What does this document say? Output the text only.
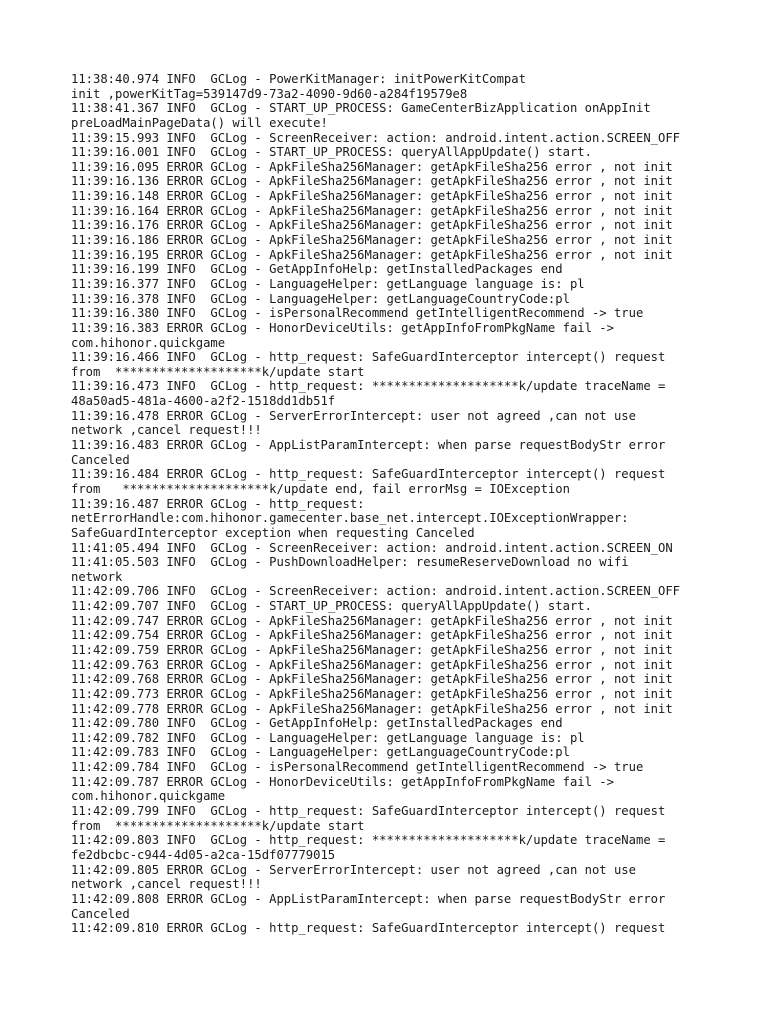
11:38:40.974 INFO  GCLog - PowerKitManager: initPowerKitCompat
init ,powerKitTag=539147d9-73a2-4090-9d60-a284f19579e8
11:38:41.367 INFO  GCLog - START_UP_PROCESS: GameCenterBizApplication onAppInit
preLoadMainPageData() will execute!
11:39:15.993 INFO  GCLog - ScreenReceiver: action: android.intent.action.SCREEN_OFF
11:39:16.001 INFO  GCLog - START_UP_PROCESS: queryAllAppUpdate() start.
11:39:16.095 ERROR GCLog - ApkFileSha256Manager: getApkFileSha256 error , not init
11:39:16.136 ERROR GCLog - ApkFileSha256Manager: getApkFileSha256 error , not init
11:39:16.148 ERROR GCLog - ApkFileSha256Manager: getApkFileSha256 error , not init
11:39:16.164 ERROR GCLog - ApkFileSha256Manager: getApkFileSha256 error , not init
11:39:16.176 ERROR GCLog - ApkFileSha256Manager: getApkFileSha256 error , not init
11:39:16.186 ERROR GCLog - ApkFileSha256Manager: getApkFileSha256 error , not init
11:39:16.195 ERROR GCLog - ApkFileSha256Manager: getApkFileSha256 error , not init
11:39:16.199 INFO  GCLog - GetAppInfoHelp: getInstalledPackages end
11:39:16.377 INFO  GCLog - LanguageHelper: getLanguage language is: pl
11:39:16.378 INFO  GCLog - LanguageHelper: getLanguageCountryCode:pl
11:39:16.380 INFO  GCLog - isPersonalRecommend getIntelligentRecommend -> true
11:39:16.383 ERROR GCLog - HonorDeviceUtils: getAppInfoFromPkgName fail ->
com.hihonor.quickgame
11:39:16.466 INFO  GCLog - http_request: SafeGuardInterceptor intercept() request
from  ********************k/update start
11:39:16.473 INFO  GCLog - http_request: ********************k/update traceName =
48a50ad5-481a-4600-a2f2-1518dd1db51f
11:39:16.478 ERROR GCLog - ServerErrorIntercept: user not agreed ,can not use
network ,cancel request!!!
11:39:16.483 ERROR GCLog - AppListParamIntercept: when parse requestBodyStr error
Canceled
11:39:16.484 ERROR GCLog - http_request: SafeGuardInterceptor intercept() request
from   ********************k/update end, fail errorMsg = IOException
11:39:16.487 ERROR GCLog - http_request:
netErrorHandle:com.hihonor.gamecenter.base_net.intercept.IOExceptionWrapper:
SafeGuardInterceptor exception when requesting Canceled
11:41:05.494 INFO  GCLog - ScreenReceiver: action: android.intent.action.SCREEN_ON
11:41:05.503 INFO  GCLog - PushDownloadHelper: resumeReserveDownload no wifi
network
11:42:09.706 INFO  GCLog - ScreenReceiver: action: android.intent.action.SCREEN_OFF
11:42:09.707 INFO  GCLog - START_UP_PROCESS: queryAllAppUpdate() start.
11:42:09.747 ERROR GCLog - ApkFileSha256Manager: getApkFileSha256 error , not init
11:42:09.754 ERROR GCLog - ApkFileSha256Manager: getApkFileSha256 error , not init
11:42:09.759 ERROR GCLog - ApkFileSha256Manager: getApkFileSha256 error , not init
11:42:09.763 ERROR GCLog - ApkFileSha256Manager: getApkFileSha256 error , not init
11:42:09.768 ERROR GCLog - ApkFileSha256Manager: getApkFileSha256 error , not init
11:42:09.773 ERROR GCLog - ApkFileSha256Manager: getApkFileSha256 error , not init
11:42:09.778 ERROR GCLog - ApkFileSha256Manager: getApkFileSha256 error , not init
11:42:09.780 INFO  GCLog - GetAppInfoHelp: getInstalledPackages end
11:42:09.782 INFO  GCLog - LanguageHelper: getLanguage language is: pl
11:42:09.783 INFO  GCLog - LanguageHelper: getLanguageCountryCode:pl
11:42:09.784 INFO  GCLog - isPersonalRecommend getIntelligentRecommend -> true
11:42:09.787 ERROR GCLog - HonorDeviceUtils: getAppInfoFromPkgName fail ->
com.hihonor.quickgame
11:42:09.799 INFO  GCLog - http_request: SafeGuardInterceptor intercept() request
from  ********************k/update start
11:42:09.803 INFO  GCLog - http_request: ********************k/update traceName =
fe2dbcbc-c944-4d05-a2ca-15df07779015
11:42:09.805 ERROR GCLog - ServerErrorIntercept: user not agreed ,can not use
network ,cancel request!!!
11:42:09.808 ERROR GCLog - AppListParamIntercept: when parse requestBodyStr error
Canceled
11:42:09.810 ERROR GCLog - http_request: SafeGuardInterceptor intercept() request
